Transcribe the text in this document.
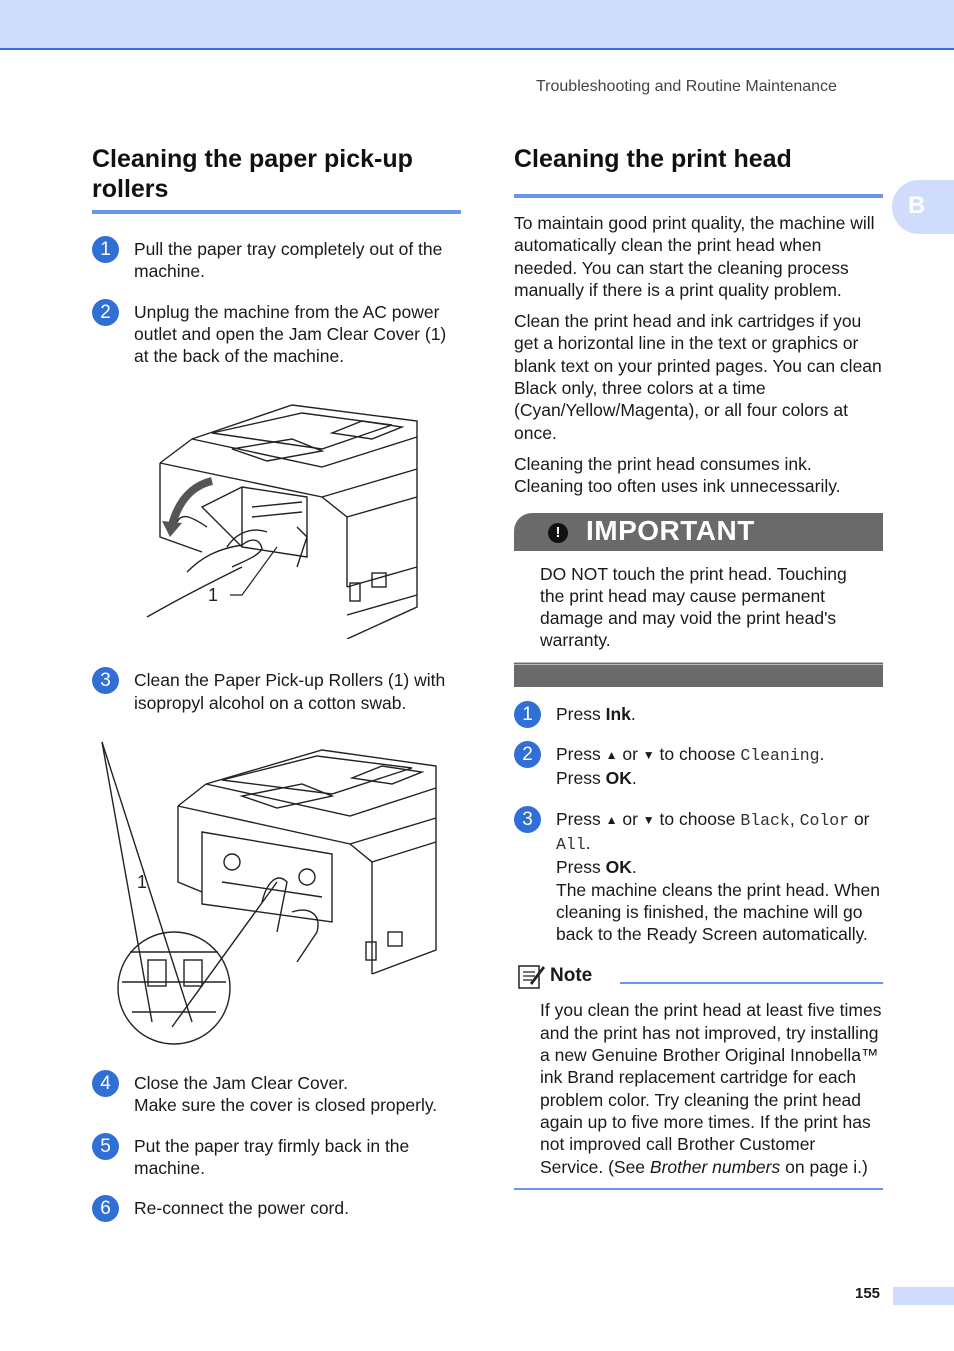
Troubleshooting and Routine Maintenance
B
Cleaning the paper pick-up rollers
1	Pull the paper tray completely out of the machine.
2	Unplug the machine from the AC power outlet and open the Jam Clear Cover (1) at the back of the machine.
1
3	Clean the Paper Pick-up Rollers (1) with isopropyl alcohol on a cotton swab.
1
4	Close the Jam Clear Cover.
Make sure the cover is closed properly.
5	Put the paper tray firmly back in the machine.
6	Re-connect the power cord.
Cleaning the print head

To maintain good print quality, the machine will automatically clean the print head when needed. You can start the cleaning process manually if there is a print quality problem.

Clean the print head and ink cartridges if you get a horizontal line in the text or graphics or blank text on your printed pages. You can clean Black only, three colors at a time (Cyan/Yellow/Magenta), or all four colors at once.

Cleaning the print head consumes ink. Cleaning too often uses ink unnecessarily.

! IMPORTANT

DO NOT touch the print head. Touching the print head may cause permanent damage and may void the print head's warranty.

1	Press Ink.
2	Press ▲ or ▼ to choose Cleaning.
Press OK.
3	Press ▲ or ▼ to choose Black, Color or All.
Press OK.
The machine cleans the print head. When cleaning is finished, the machine will go back to the Ready Screen automatically.
Note

If you clean the print head at least five times and the print has not improved, try installing a new Genuine Brother Original Innobella™ ink Brand replacement cartridge for each problem color. Try cleaning the print head again up to five more times. If the print has not improved call Brother Customer Service. (See Brother numbers on page i.)

155
